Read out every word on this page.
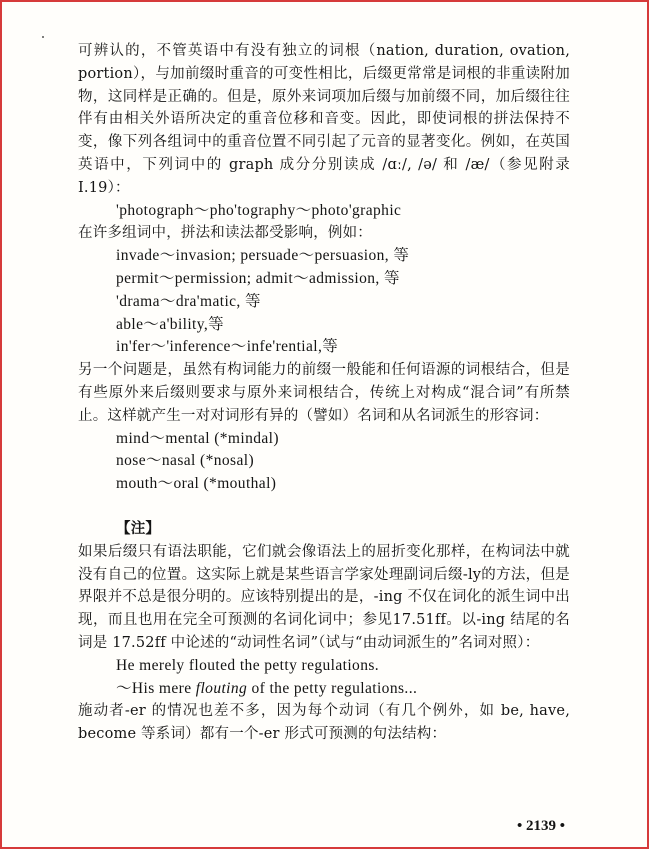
可辨认的，不管英语中有没有独立的词根（nation, duration, ovation, portion），与加前缀时重音的可变性相比，后缀更常常是词根的非重读附加物，这同样是正确的。但是，原外来词项加后缀与加前缀不同，加后缀往往伴有由相关外语所决定的重音位移和音变。因此，即使词根的拼法保持不变，像下列各组词中的重音位置不同引起了元音的显著变化。例如，在英国英语中，下列词中的 graph 成分分别读成 /ɑː/, /ə/ 和 /æ/（参见附录Ⅰ.19）：

'photograph～pho'tography～photo'graphic

在许多组词中，拼法和读法都受影响，例如：

invade～invasion; persuade～persuasion, 等

permit～permission; admit～admission, 等

'drama～dra'matic, 等

able～a'bility,等

in'fer～'inference～infe'rential,等

另一个问题是，虽然有构词能力的前缀一般能和任何语源的词根结合，但是有些原外来后缀则要求与原外来词根结合，传统上对构成“混合词”有所禁止。这样就产生一对对词形有异的（譬如）名词和从名词派生的形容词：

mind～mental (*mindal)

nose～nasal (*nosal)

mouth～oral (*mouthal)

【注】

如果后缀只有语法职能，它们就会像语法上的屈折变化那样，在构词法中就没有自己的位置。这实际上就是某些语言学家处理副词后缀-ly的方法，但是界限并不总是很分明的。应该特别提出的是，-ing 不仅在词化的派生词中出现，而且也用在完全可预测的名词化词中；参见17.51ff。以-ing 结尾的名词是 17.52ff 中论述的“动词性名词”（试与“由动词派生的”名词对照）：

He merely flouted the petty regulations.

～His mere flouting of the petty regulations...

施动者-er 的情况也差不多，因为每个动词（有几个例外，如 be, have, become 等系词）都有一个-er 形式可预测的句法结构：

• 2139 •
